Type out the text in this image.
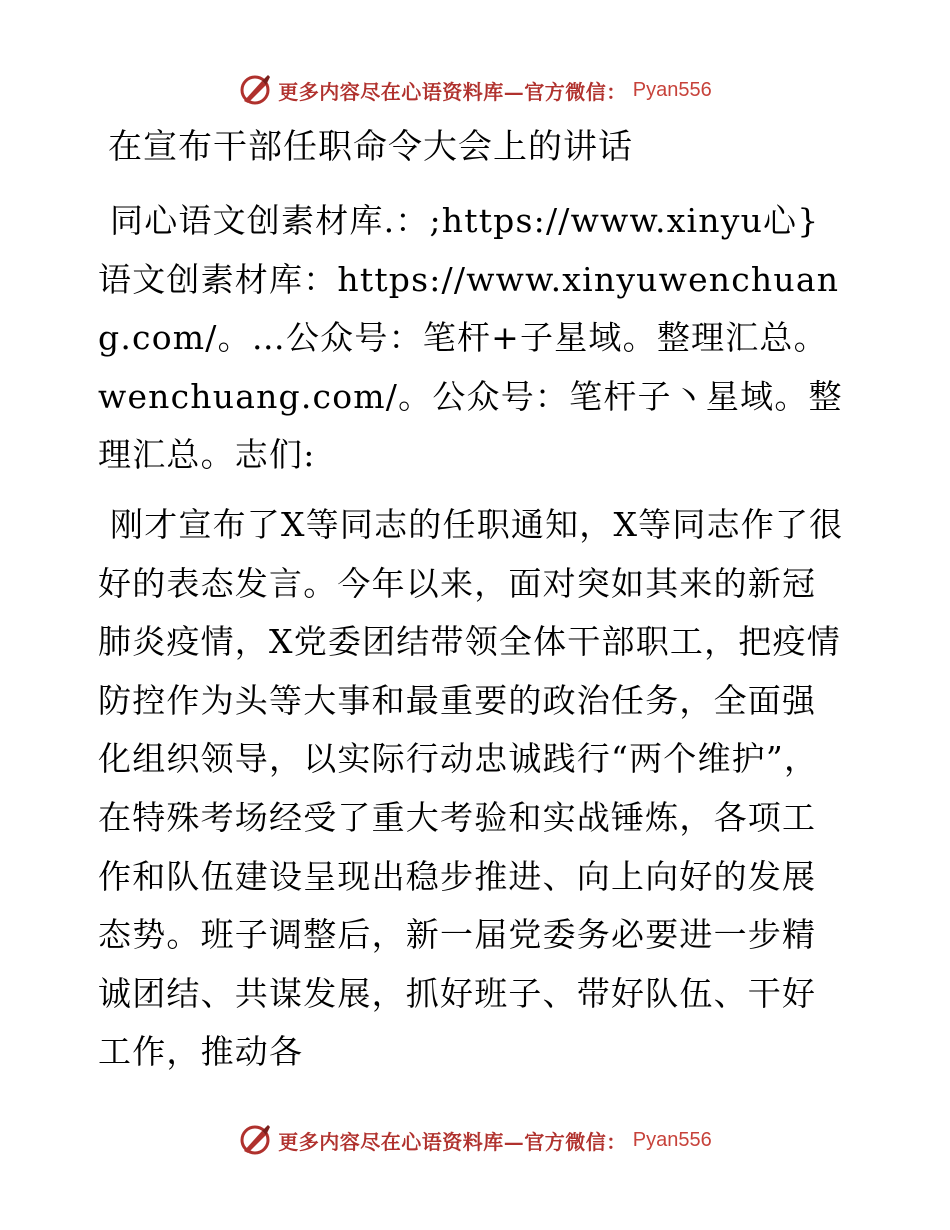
更多内容尽在心语资料库—官方微信： Pyan556
在宣布干部任职命令大会上的讲话

同心语文创素材库.：;https://www.xinyu心}语文创素材库：https://www.xinyuwenchuang.com/。…公众号：笔杆+子星域。整理汇总。wenchuang.com/。公众号：笔杆子丶星域。整理汇总。志们:

刚才宣布了X等同志的任职通知，X等同志作了很好的表态发言。今年以来，面对突如其来的新冠肺炎疫情，X党委团结带领全体干部职工，把疫情防控作为头等大事和最重要的政治任务，全面强化组织领导，以实际行动忠诚践行“两个维护”，在特殊考场经受了重大考验和实战锤炼，各项工作和队伍建设呈现出稳步推进、向上向好的发展态势。班子调整后，新一届党委务必要进一步精诚团结、共谋发展，抓好班子、带好队伍、干好工作，推动各

更多内容尽在心语资料库—官方微信： Pyan556
